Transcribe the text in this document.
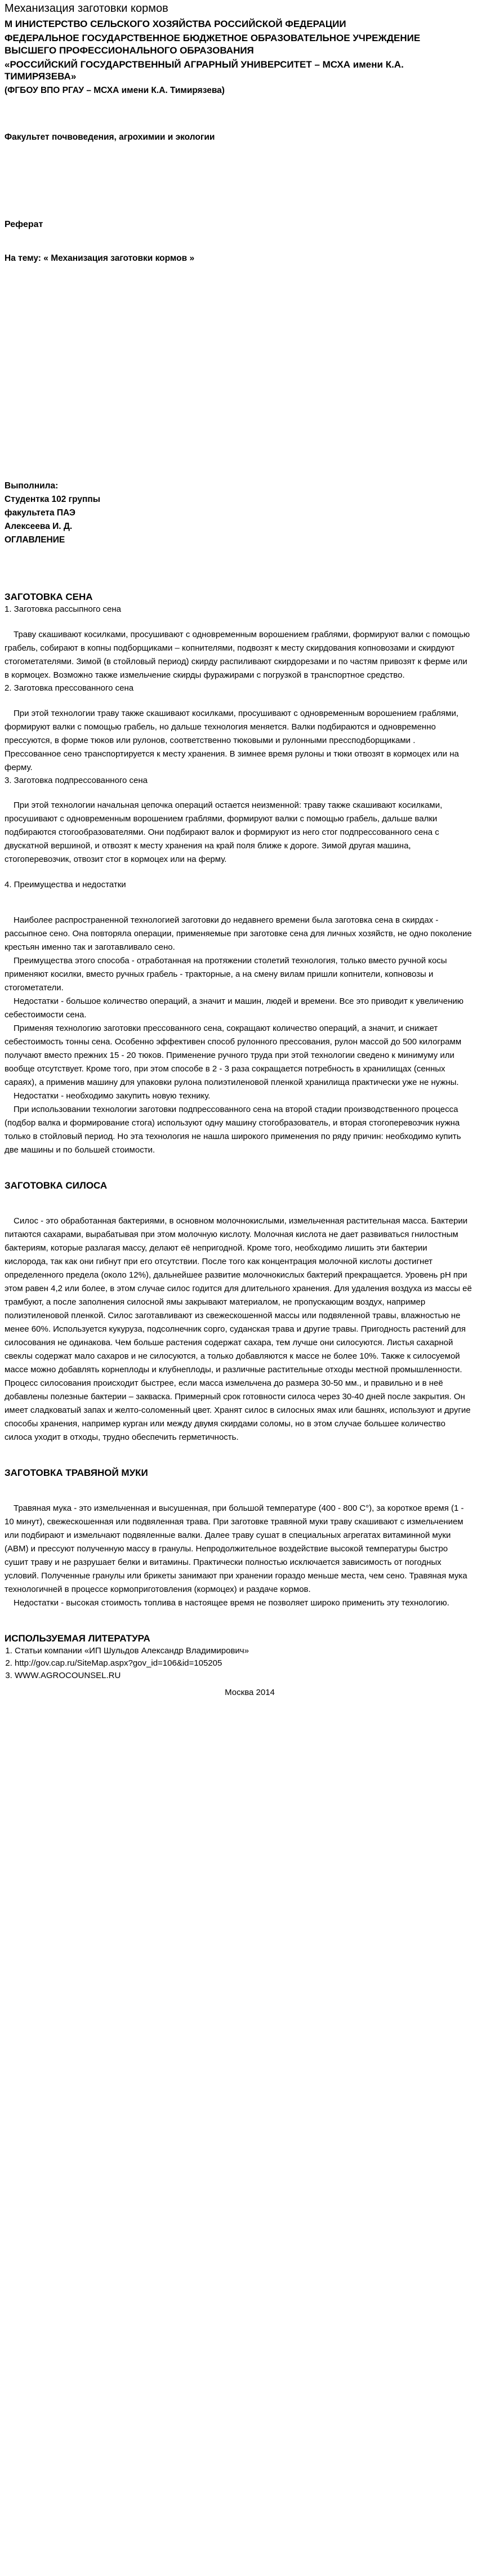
Механизация заготовки кормов
М ИНИСТЕРСТВО СЕЛЬСКОГО ХОЗЯЙСТВА РОССИЙСКОЙ ФЕДЕРАЦИИ
ФЕДЕРАЛЬНОЕ ГОСУДАРСТВЕННОЕ БЮДЖЕТНОЕ ОБРАЗОВАТЕЛЬНОЕ УЧРЕЖДЕНИЕ ВЫСШЕГО ПРОФЕССИОНАЛЬНОГО ОБРАЗОВАНИЯ
«РОССИЙСКИЙ ГОСУДАРСТВЕННЫЙ АГРАРНЫЙ УНИВЕРСИТЕТ – МСХА имени К.А. ТИМИРЯЗЕВА»
(ФГБОУ ВПО РГАУ – МСХА имени К.А. Тимирязева)
Факультет почвоведения, агрохимии и экологии
Реферат
На тему: « Механизация заготовки кормов »
Выполнила:
Студентка 102 группы
факультета ПАЭ
Алексеева И. Д.
ОГЛАВЛЕНИЕ
ЗАГОТОВКА СЕНА
1. Заготовка рассыпного сена

Траву скашивают косилками, просушивают с одновременным ворошением граблями, формируют валки с помощью грабель, собирают в копны подборщиками – копнителями, подвозят к месту скирдования копновозами и скирдуют стогометателями. Зимой (в стойловый период) скирду распиливают скирдорезами и по частям привозят к ферме или в кормоцех. Возможно также измельчение скирды фуражирами с погрузкой в транспортное средство.

2. Заготовка прессованного сена

При этой технологии траву также скашивают косилками, просушивают с одновременным ворошением граблями, формируют валки с помощью грабель, но дальше технология меняется. Валки подбираются и одновременно прессуются, в форме тюков или рулонов, соответственно тюковыми и рулонными прессподборщиками . Прессованное сено транспортируется к месту хранения. В зимнее время рулоны и тюки отвозят в кормоцех или на ферму.

3. Заготовка подпрессованного сена

При этой технологии начальная цепочка операций остается неизменной: траву также скашивают косилками, просушивают с одновременным ворошением граблями, формируют валки с помощью грабель, дальше валки подбираются стогообразователями. Они подбирают валок и формируют из него стог подпрессованного сена с двускатной вершиной, и отвозят к месту хранения на край поля ближе к дороге. Зимой другая машина, стогоперевозчик, отвозит стог в кормоцех или на ферму.

4. Преимущества и недостатки

Наиболее распространенной технологией заготовки до недавнего времени была заготовка сена в скирдах - рассыпное сено. Она повторяла операции, применяемые при заготовке сена для личных хозяйств, не одно поколение крестьян именно так и заготавливало сено.

Преимущества этого способа - отработанная на протяжении столетий технология, только вместо ручной косы применяют косилки, вместо ручных грабель - тракторные, а на смену вилам пришли копнители, копновозы и стогометатели.

Недостатки - большое количество операций, а значит и машин, людей и времени. Все это приводит к увеличению себестоимости сена.

Применяя технологию заготовки прессованного сена, сокращают количество операций, а значит, и снижает себестоимость тонны сена. Особенно эффективен способ рулонного прессования, рулон массой до 500 килограмм получают вместо прежних 15 - 20 тюков. Применение ручного труда при этой технологии сведено к минимуму или вообще отсутствует. Кроме того, при этом способе в 2 - 3 раза сокращается потребность в хранилищах (сенных сараях), а применив машину для упаковки рулона полиэтиленовой пленкой хранилища практически уже не нужны.

Недостатки - необходимо закупить новую технику.

При использовании технологии заготовки подпрессованного сена на второй стадии производственного процесса (подбор валка и формирование стога) используют одну машину стогобразователь, и вторая стогоперевозчик нужна только в стойловый период. Но эта технология не нашла широкого применения по ряду причин: необходимо купить две машины и по большей стоимости.

ЗАГОТОВКА СИЛОСА

Силос - это обработанная бактериями, в основном молочнокислыми, измельченная растительная масса. Бактерии питаются сахарами, вырабатывая при этом молочную кислоту. Молочная кислота не дает развиваться гнилостным бактериям, которые разлагая массу, делают её непригодной. Кроме того, необходимо лишить эти бактерии кислорода, так как они гибнут при его отсутствии. После того как концентрация молочной кислоты достигнет определенного предела (около 12%), дальнейшее развитие молочнокислых бактерий прекращается. Уровень pH при этом равен 4,2 или более, в этом случае силос годится для длительного хранения. Для удаления воздуха из массы её трамбуют, а после заполнения силосной ямы закрывают материалом, не пропускающим воздух, например полиэтиленовой пленкой. Силос заготавливают из свежескошенной массы или подвяленной травы, влажностью не менее 60%. Используется кукуруза, подсолнечник сорго, суданская трава и другие травы. Пригодность растений для силосования не одинакова. Чем больше растения содержат сахара, тем лучше они силосуются. Листья сахарной свеклы содержат мало сахаров и не силосуются, а только добавляются к массе не более 10%. Также к силосуемой массе можно добавлять корнеплоды и клубнеплоды, и различные растительные отходы местной промышленности. Процесс силосования происходит быстрее, если масса измельчена до размера 30-50 мм., и правильно и в неё добавлены полезные бактерии – закваска. Примерный срок готовности силоса через 30-40 дней после закрытия. Он имеет сладковатый запах и желто-соломенный цвет. Хранят силос в силосных ямах или башнях, используют и другие способы хранения, например курган или между двумя скирдами соломы, но в этом случае большее количество силоса уходит в отходы, трудно обеспечить герметичность.

ЗАГОТОВКА ТРАВЯНОЙ МУКИ

Травяная мука - это измельченная и высушенная, при большой температуре (400 - 800 С°), за короткое время (1 - 10 минут), свежескошенная или подвяленная трава. При заготовке травяной муки траву скашивают с измельчением или подбирают и измельчают подвяленные валки. Далее траву сушат в специальных агрегатах витаминной муки (АВМ) и прессуют полученную массу в гранулы. Непродолжительное воздействие высокой температуры быстро сушит траву и не разрушает белки и витамины. Практически полностью исключается зависимость от погодных условий. Полученные гранулы или брикеты занимают при хранении гораздо меньше места, чем сено. Травяная мука технологичней в процессе кормоприготовления (кормоцех) и раздаче кормов.

Недостатки - высокая стоимость топлива в настоящее время не позволяет широко применить эту технологию.

ИСПОЛЬЗУЕМАЯ ЛИТЕРАТУРА
1. Статьи компании «ИП Шульдов Александр Владимирович»
2. http://gov.cap.ru/SiteMap.aspx?gov_id=106&id=105205
3. WWW.AGROCOUNSEL.RU
Москва 2014
